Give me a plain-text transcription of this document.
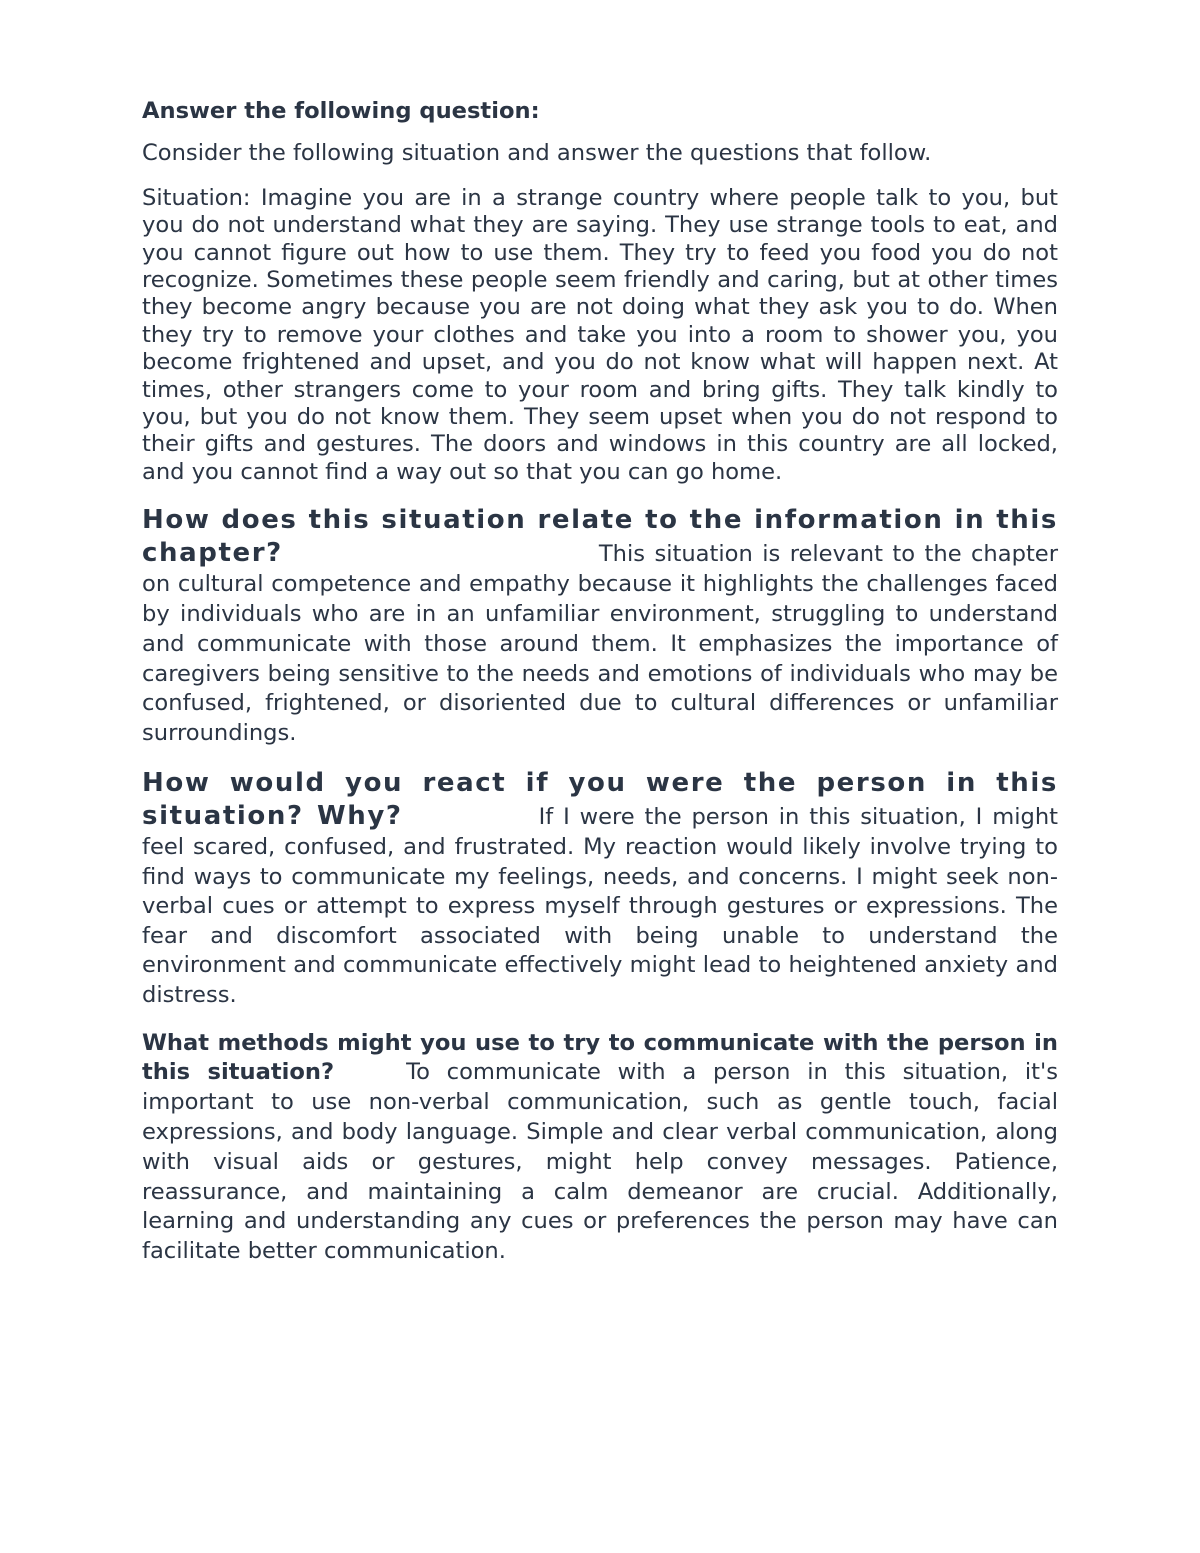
Answer the following question:

Consider the following situation and answer the questions that follow.

Situation: Imagine you are in a strange country where people talk to you, but you do not understand what they are saying. They use strange tools to eat, and you cannot figure out how to use them. They try to feed you food you do not recognize. Sometimes these people seem friendly and caring, but at other times they become angry because you are not doing what they ask you to do. When they try to remove your clothes and take you into a room to shower you, you become frightened and upset, and you do not know what will happen next. At times, other strangers come to your room and bring gifts. They talk kindly to you, but you do not know them. They seem upset when you do not respond to their gifts and gestures. The doors and windows in this country are all locked, and you cannot find a way out so that you can go home.

How does this situation relate to the information in this chapter?	This situation is relevant to the chapter on cultural competence and empathy because it highlights the challenges faced by individuals who are in an unfamiliar environment, struggling to understand and communicate with those around them. It emphasizes the importance of caregivers being sensitive to the needs and emotions of individuals who may be confused, frightened, or disoriented due to cultural differences or unfamiliar surroundings.

How would you react if you were the person in this situation? Why?	If I were the person in this situation, I might feel scared, confused, and frustrated. My reaction would likely involve trying to find ways to communicate my feelings, needs, and concerns. I might seek non-verbal cues or attempt to express myself through gestures or expressions. The fear and discomfort associated with being unable to understand the environment and communicate effectively might lead to heightened anxiety and distress.

What methods might you use to try to communicate with the person in this situation?	To communicate with a person in this situation, it's important to use non-verbal communication, such as gentle touch, facial expressions, and body language. Simple and clear verbal communication, along with visual aids or gestures, might help convey messages. Patience, reassurance, and maintaining a calm demeanor are crucial. Additionally, learning and understanding any cues or preferences the person may have can facilitate better communication.
